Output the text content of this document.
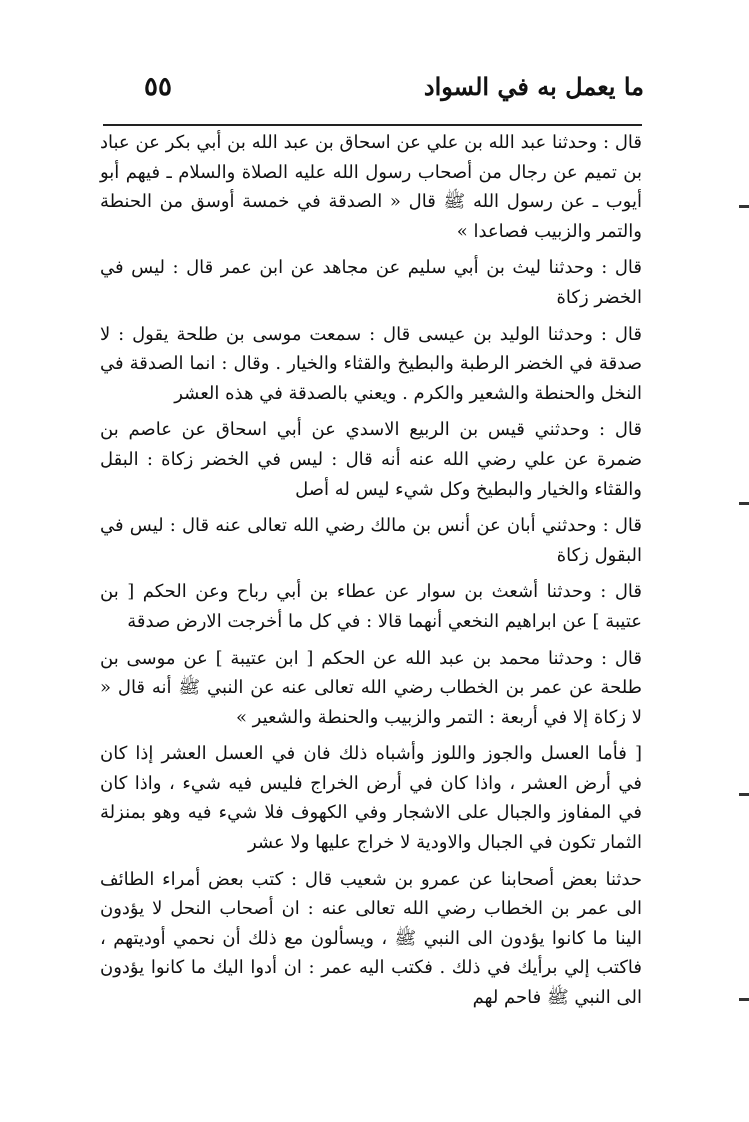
ما يعمل به في السواد
٥٥

قال : وحدثنا عبد الله بن علي عن اسحاق بن عبد الله بن أبي بكر عن عباد بن تميم عن رجال من أصحاب رسول الله عليه الصلاة والسلام ـ فيهم أبو أيوب ـ عن رسول الله ﷺ قال « الصدقة في خمسة أوسق من الحنطة والتمر والزبيب فصاعدا »

قال : وحدثنا ليث بن أبي سليم عن مجاهد عن ابن عمر قال : ليس في الخضر زكاة

قال : وحدثنا الوليد بن عيسى قال : سمعت موسى بن طلحة يقول : لا صدقة في الخضر الرطبة والبطيخ والقثاء والخيار . وقال : انما الصدقة في النخل والحنطة والشعير والكرم . ويعني بالصدقة في هذه العشر

قال : وحدثني قيس بن الربيع الاسدي عن أبي اسحاق عن عاصم بن ضمرة عن علي رضي الله عنه أنه قال : ليس في الخضر زكاة : البقل والقثاء والخيار والبطيخ وكل شيء ليس له أصل

قال : وحدثني أبان عن أنس بن مالك رضي الله تعالى عنه قال : ليس في البقول زكاة

قال : وحدثنا أشعث بن سوار عن عطاء بن أبي رباح وعن الحكم [ بن عتيبة ] عن ابراهيم النخعي أنهما قالا : في كل ما أخرجت الارض صدقة

قال : وحدثنا محمد بن عبد الله عن الحكم [ ابن عتيبة ] عن موسى بن طلحة عن عمر بن الخطاب رضي الله تعالى عنه عن النبي ﷺ أنه قال « لا زكاة إلا في أربعة : التمر والزبيب والحنطة والشعير »

[ فأما العسل والجوز واللوز وأشباه ذلك فان في العسل العشر إذا كان في أرض العشر ، واذا كان في أرض الخراج فليس فيه شيء ، واذا كان في المفاوز والجبال على الاشجار وفي الكهوف فلا شيء فيه وهو بمنزلة الثمار تكون في الجبال والاودية لا خراج عليها ولا عشر

حدثنا بعض أصحابنا عن عمرو بن شعيب قال : كتب بعض أمراء الطائف الى عمر بن الخطاب رضي الله تعالى عنه : ان أصحاب النحل لا يؤدون الينا ما كانوا يؤدون الى النبي ﷺ ، ويسألون مع ذلك أن نحمي أوديتهم ، فاكتب إلي برأيك في ذلك . فكتب اليه عمر : ان أدوا اليك ما كانوا يؤدون الى النبي ﷺ فاحم لهم
